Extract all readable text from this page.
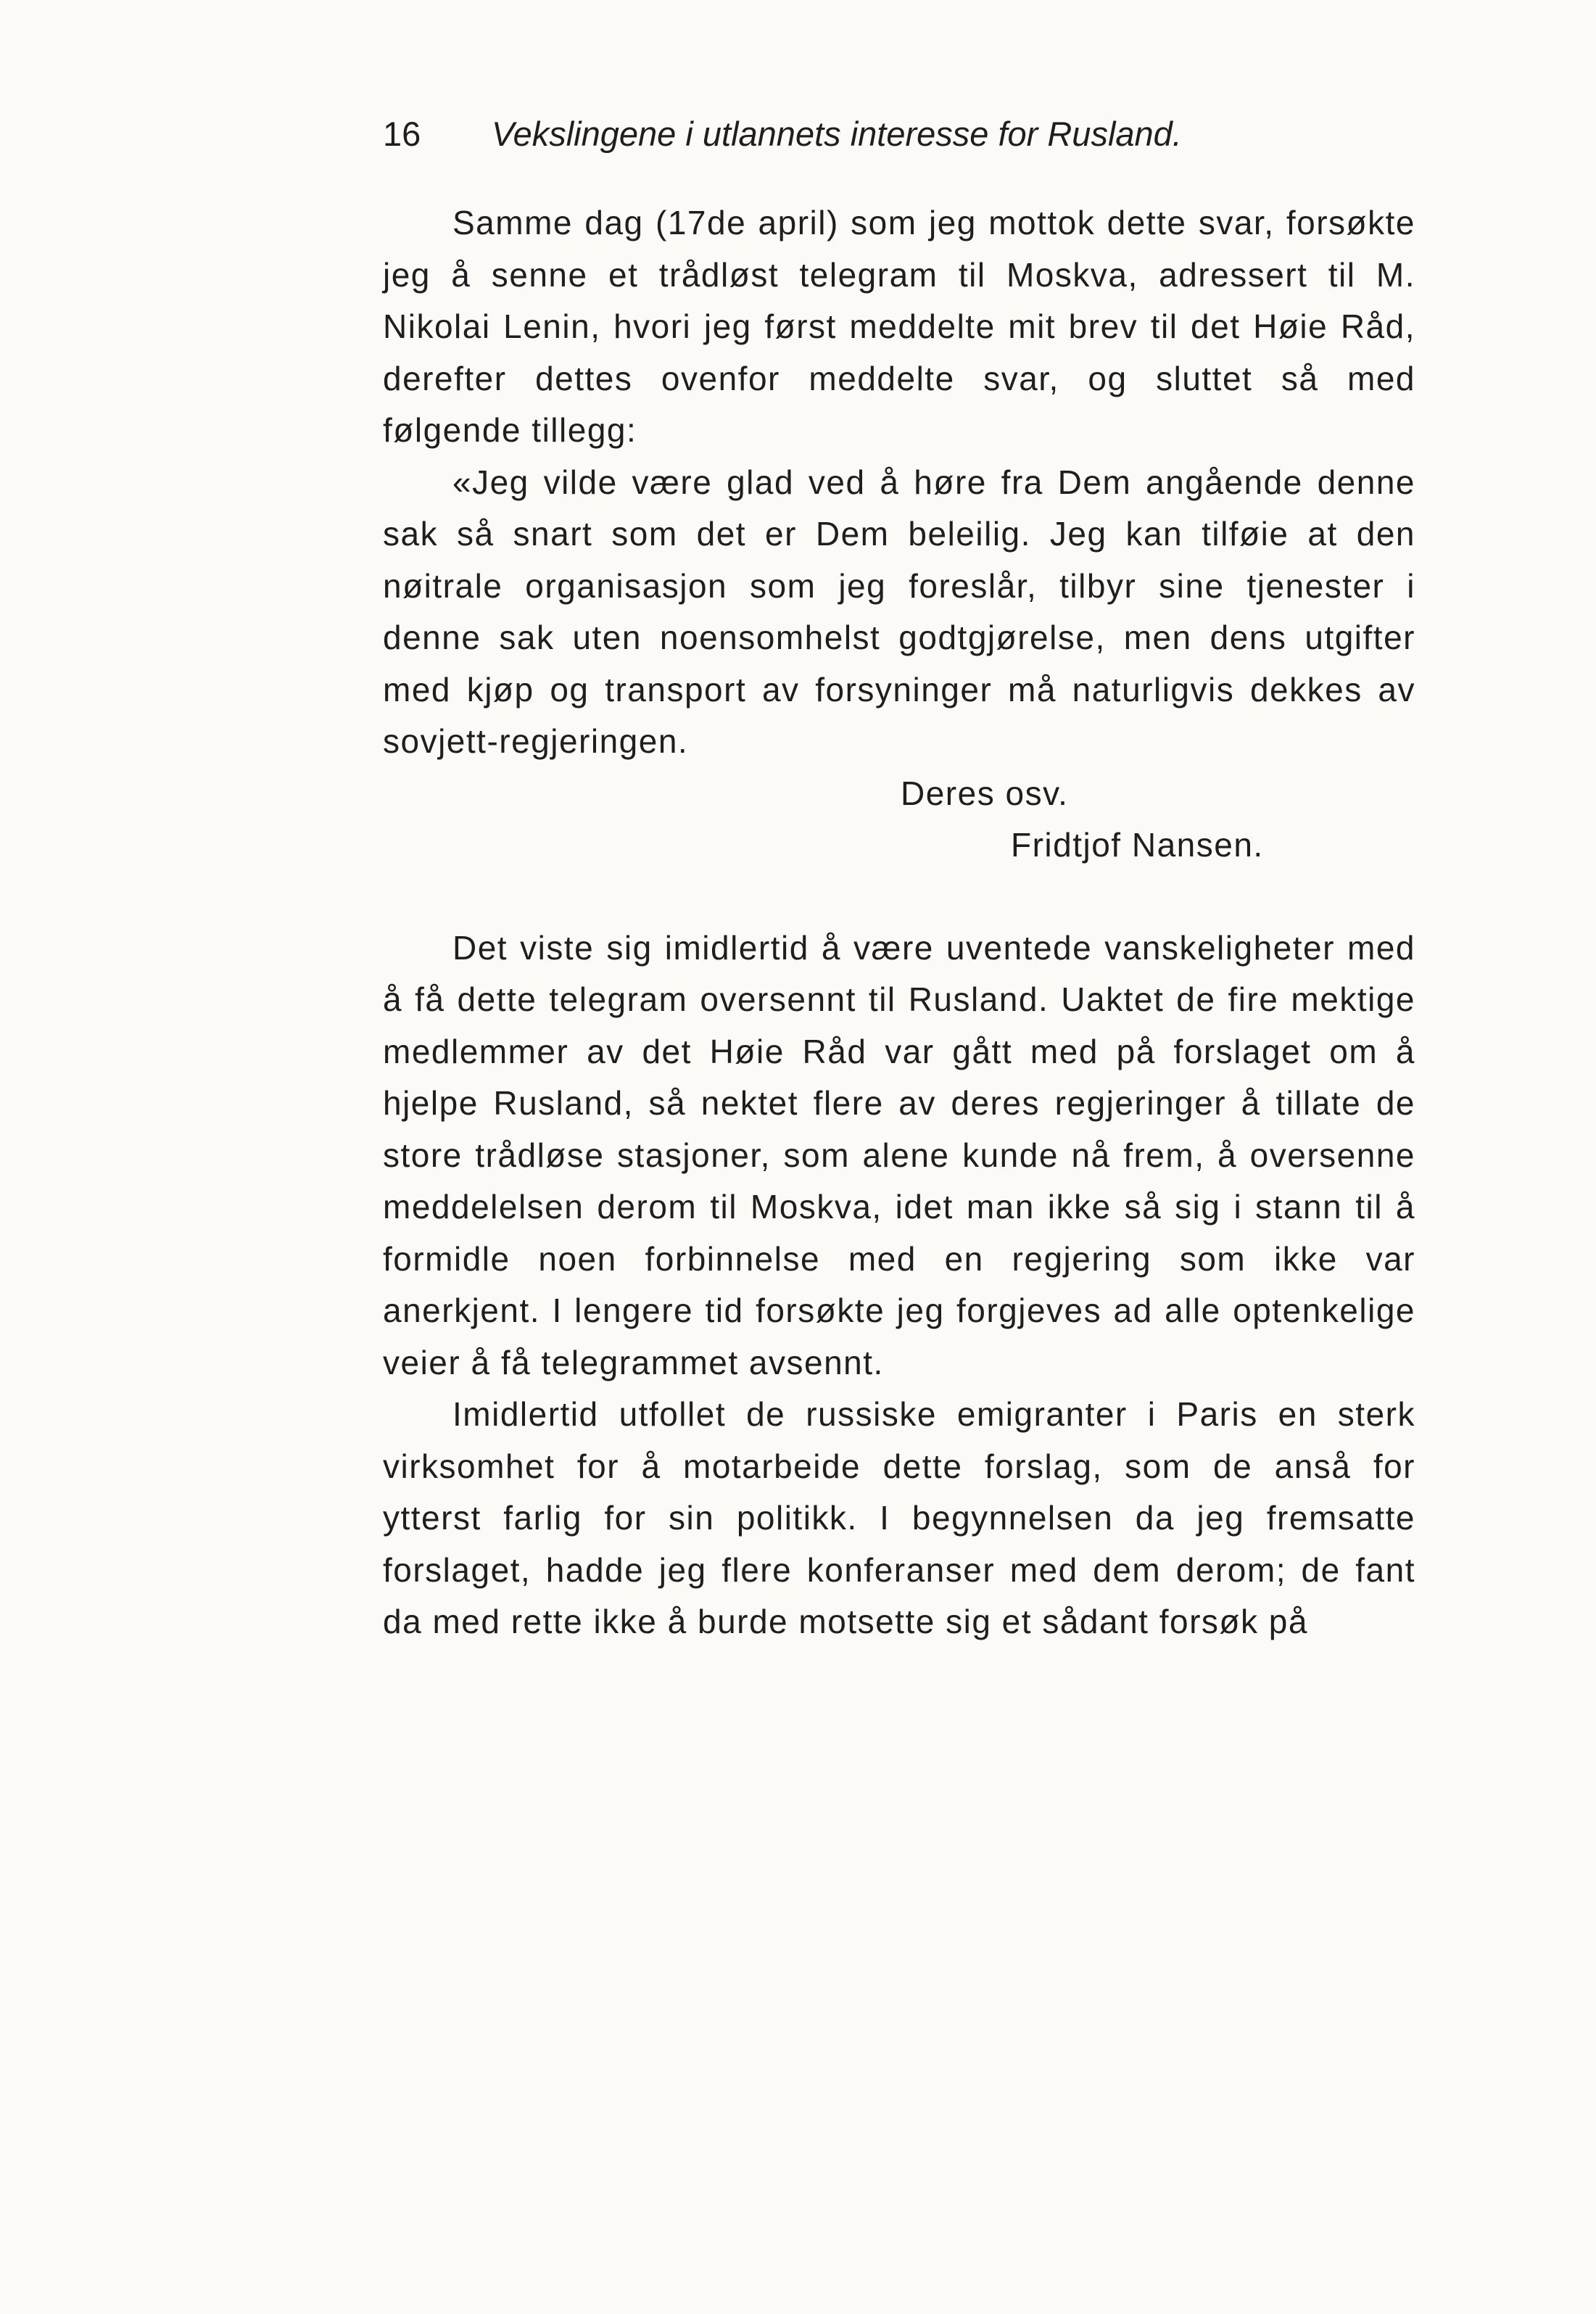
16 Vekslingene i utlannets interesse for Rusland.

Samme dag (17de april) som jeg mottok dette svar, forsøkte jeg å senne et trådløst telegram til Moskva, adressert til M. Nikolai Lenin, hvori jeg først meddelte mit brev til det Høie Råd, derefter dettes ovenfor meddelte svar, og sluttet så med følgende tillegg:

«Jeg vilde være glad ved å høre fra Dem angående denne sak så snart som det er Dem beleilig. Jeg kan tilføie at den nøitrale organisasjon som jeg foreslår, tilbyr sine tjenester i denne sak uten noensomhelst godtgjørelse, men dens utgifter med kjøp og transport av forsyninger må naturligvis dekkes av sovjett-regjeringen.

Deres osv.

Fridtjof Nansen.

Det viste sig imidlertid å være uventede vanskeligheter med å få dette telegram oversennt til Rusland. Uaktet de fire mektige medlemmer av det Høie Råd var gått med på forslaget om å hjelpe Rusland, så nektet flere av deres regjeringer å tillate de store trådløse stasjoner, som alene kunde nå frem, å oversenne meddelelsen derom til Moskva, idet man ikke så sig i stann til å formidle noen forbinnelse med en regjering som ikke var anerkjent. I lengere tid forsøkte jeg forgjeves ad alle optenkelige veier å få telegrammet avsennt.

Imidlertid utfollet de russiske emigranter i Paris en sterk virksomhet for å motarbeide dette forslag, som de anså for ytterst farlig for sin politikk. I begynnelsen da jeg fremsatte forslaget, hadde jeg flere konferanser med dem derom; de fant da med rette ikke å burde motsette sig et sådant forsøk på
